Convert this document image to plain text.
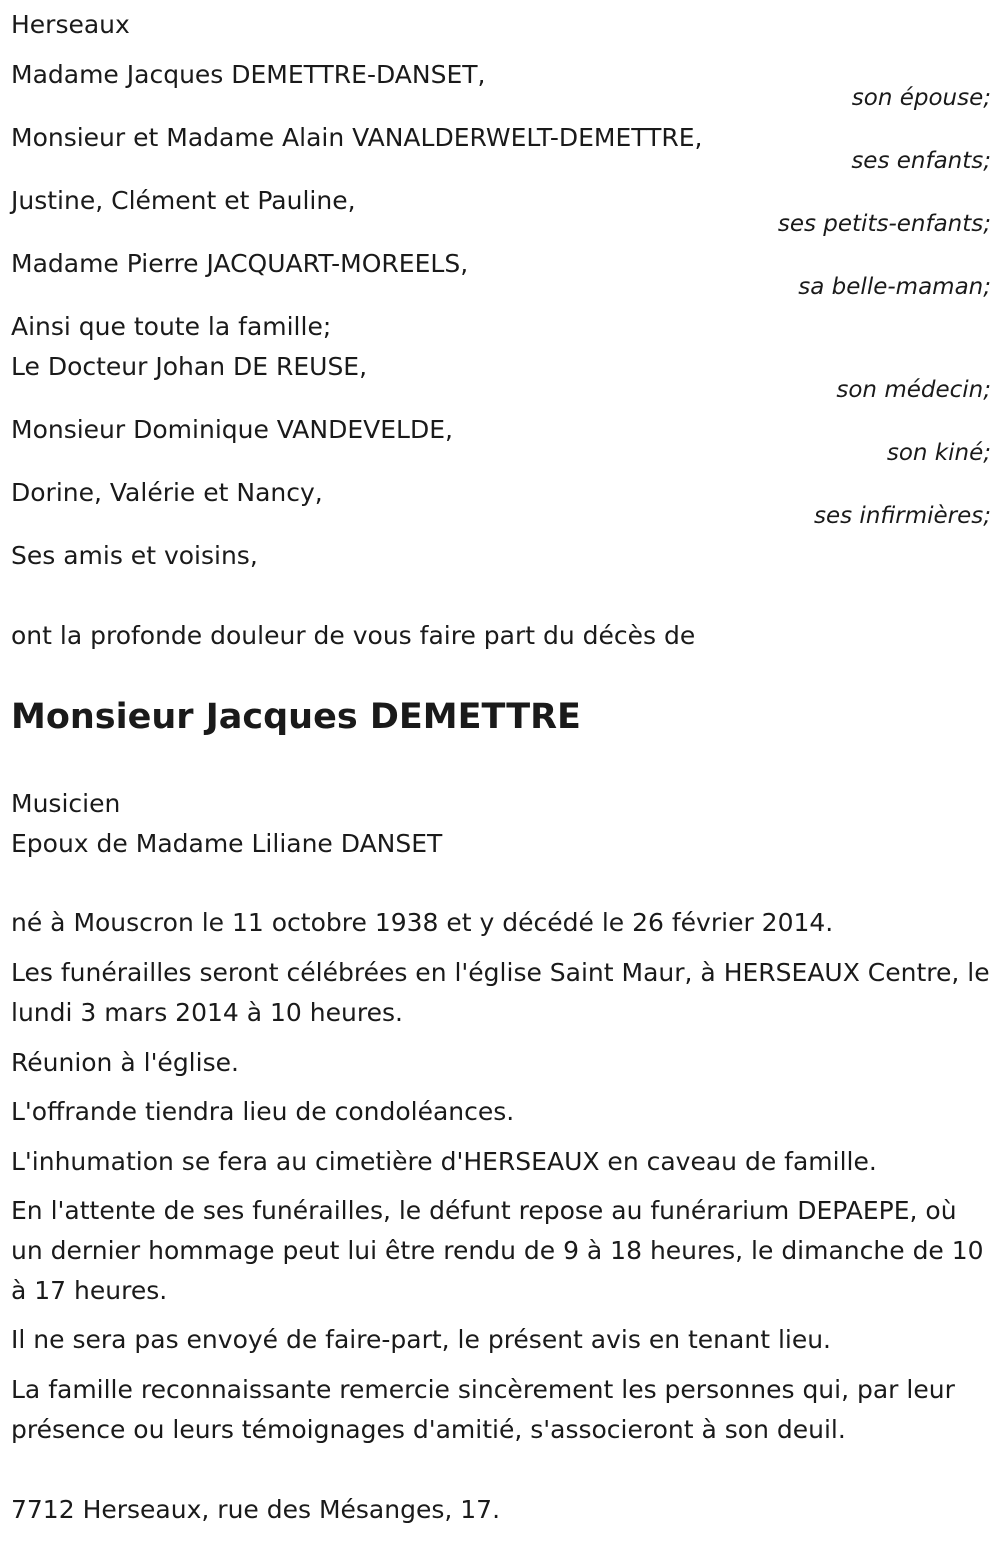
Herseaux
Madame Jacques DEMETTRE-DANSET,
son épouse;
Monsieur et Madame Alain VANALDERWELT-DEMETTRE,
ses enfants;
Justine, Clément et Pauline,
ses petits-enfants;
Madame Pierre JACQUART-MOREELS,
sa belle-maman;
Ainsi que toute la famille;
Le Docteur Johan DE REUSE,
son médecin;
Monsieur Dominique VANDEVELDE,
son kiné;
Dorine, Valérie et Nancy,
ses infirmières;
Ses amis et voisins,
ont la profonde douleur de vous faire part du décès de
Monsieur Jacques DEMETTRE
Musicien
Epoux de Madame Liliane DANSET
né à Mouscron le 11 octobre 1938 et y décédé le 26 février 2014.
Les funérailles seront célébrées en l'église Saint Maur, à HERSEAUX Centre, le lundi 3 mars 2014 à 10 heures.
Réunion à l'église.
L'offrande tiendra lieu de condoléances.
L'inhumation se fera au cimetière d'HERSEAUX en caveau de famille.
En l'attente de ses funérailles, le défunt repose au funérarium DEPAEPE, où un dernier hommage peut lui être rendu de 9 à 18 heures, le dimanche de 10 à 17 heures.
Il ne sera pas envoyé de faire-part, le présent avis en tenant lieu.
La famille reconnaissante remercie sincèrement les personnes qui, par leur présence ou leurs témoignages d'amitié, s'associeront à son deuil.
7712 Herseaux, rue des Mésanges, 17.
